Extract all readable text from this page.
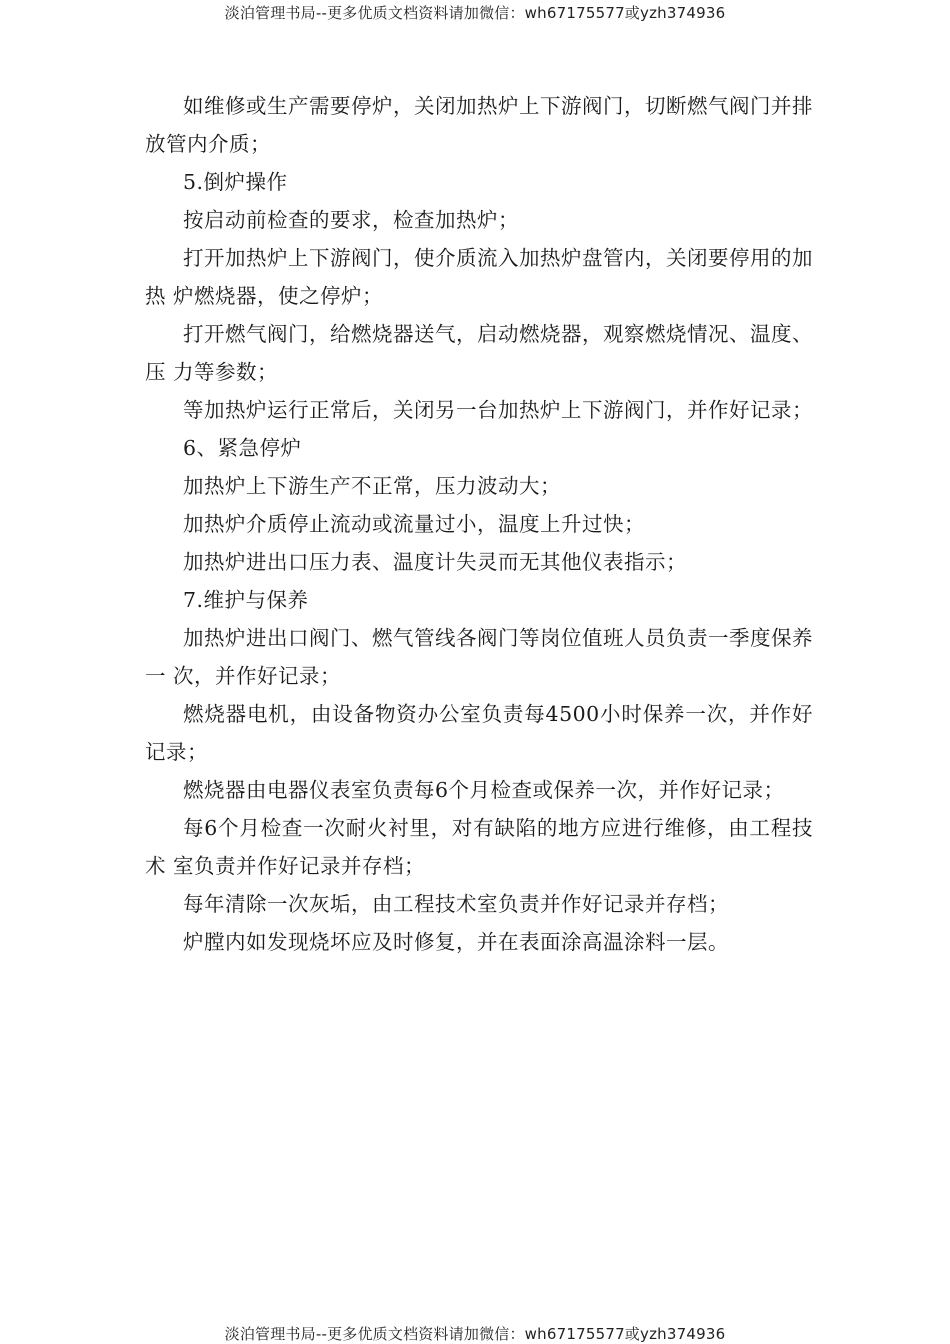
淡泊管理书局--更多优质文档资料请加微信：wh67175577或yzh374936

如维修或生产需要停炉，关闭加热炉上下游阀门，切断燃气阀门并排 放管内介质；

5.倒炉操作

按启动前检查的要求，检查加热炉；

打开加热炉上下游阀门，使介质流入加热炉盘管内，关闭要停用的加热 炉燃烧器，使之停炉；

打开燃气阀门，给燃烧器送气，启动燃烧器，观察燃烧情况、温度、压 力等参数；

等加热炉运行正常后，关闭另一台加热炉上下游阀门，并作好记录；

6、紧急停炉

加热炉上下游生产不正常，压力波动大；

加热炉介质停止流动或流量过小，温度上升过快；

加热炉进出口压力表、温度计失灵而无其他仪表指示；

7.维护与保养

加热炉进出口阀门、燃气管线各阀门等岗位值班人员负责一季度保养一 次，并作好记录；

燃烧器电机，由设备物资办公室负责每4500小时保养一次，并作好记录；

燃烧器由电器仪表室负责每6个月检查或保养一次，并作好记录；

每6个月检查一次耐火衬里，对有缺陷的地方应进行维修，由工程技术 室负责并作好记录并存档；

每年清除一次灰垢，由工程技术室负责并作好记录并存档；

炉膛内如发现烧坏应及时修复，并在表面涂高温涂料一层。

淡泊管理书局--更多优质文档资料请加微信：wh67175577或yzh374936
